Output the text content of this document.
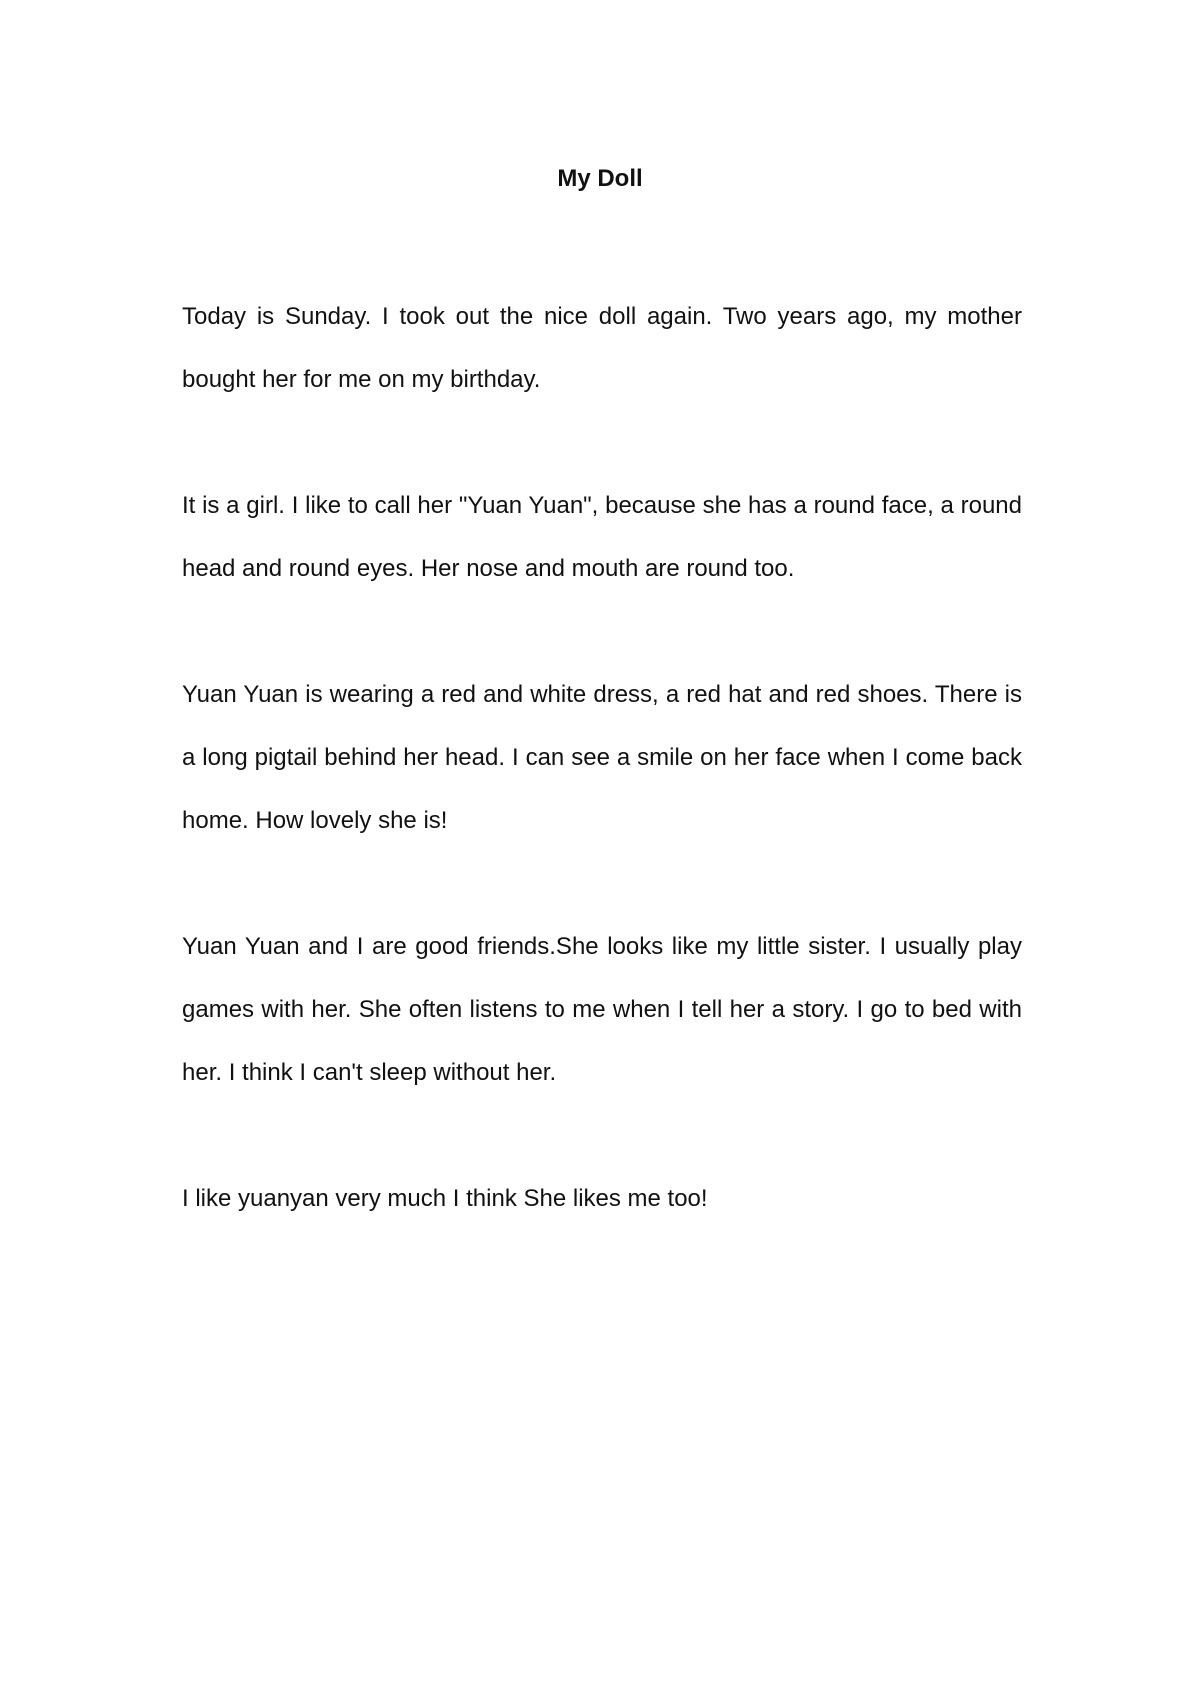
My Doll

Today is Sunday. I took out the nice doll again. Two years ago, my mother bought her for me on my birthday.

It is a girl. I like to call her "Yuan Yuan", because she has a round face, a round head and round eyes. Her nose and mouth are round too.

Yuan Yuan is wearing a red and white dress, a red hat and red shoes. There is a long pigtail behind her head. I can see a smile on her face when I come back home. How lovely she is!

Yuan Yuan and I are good friends.She looks like my little sister. I usually play games with her. She often listens to me when I tell her a story. I go to bed with her. I think I can't sleep without her.

I like yuanyan very much I think She likes me too!
